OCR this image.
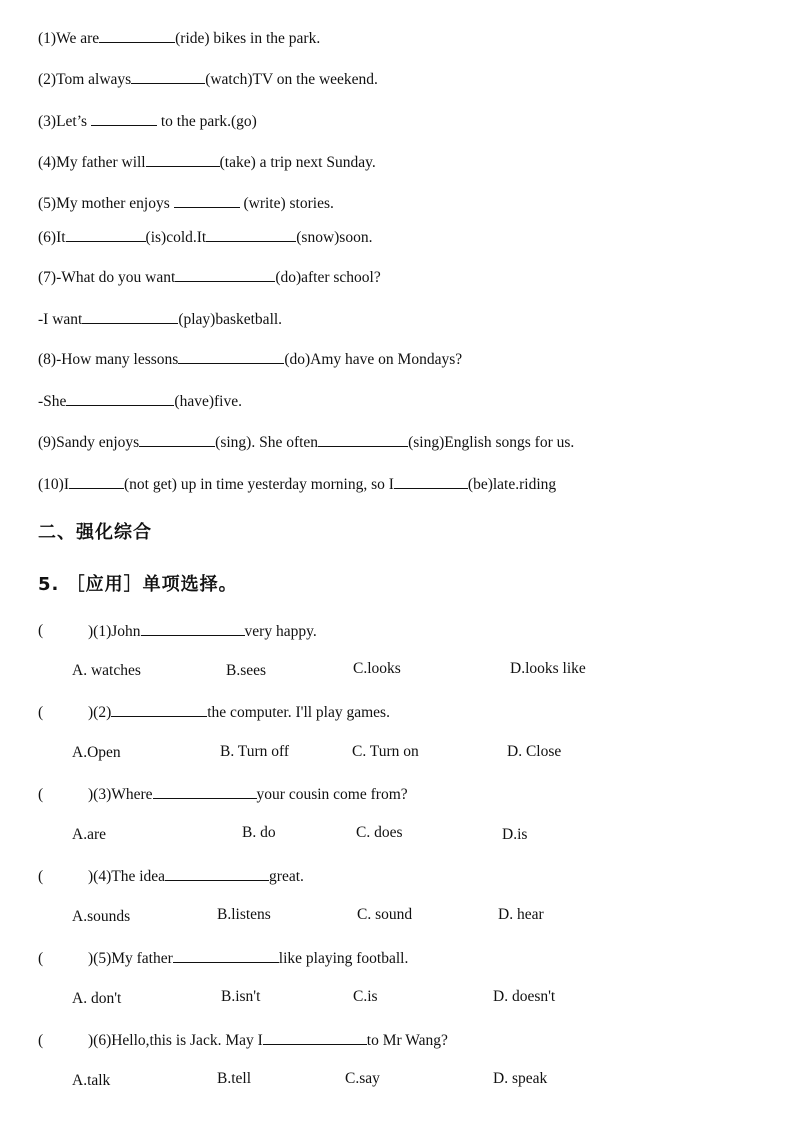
(1)We are	(ride) bikes in the park.
(2)Tom always	(watch)TV on the weekend.
(3)Let’s	to the park.(go)
(4)My father will	(take) a trip next Sunday.
(5)My mother enjoys	(write) stories.
(6)It	(is)cold.It	(snow)soon.
(7)-What do you want	(do)after school?
-I want	(play)basketball.
(8)-How many lessons	(do)Amy have on Mondays?
-She	(have)five.
(9)Sandy enjoys	(sing). She often	(sing)English songs for us.
(10)I	(not get) up in time yesterday morning, so I	(be)late.riding
二、强化综合
5. ［应用］单项选择。
(	)(1)John	very happy.
A. watches	B.sees	C.looks	D.looks like
(	)(2)	the computer. I'll play games.
A.Open	B. Turn off	C. Turn on	D. Close
(	)(3)Where	your cousin come from?
A.are	B. do	C. does	D.is
(	)(4)The idea	great.
A.sounds	B.listens	C. sound	D. hear
(	)(5)My father	like playing football.
A. don't	B.isn't	C.is	D. doesn't
(	)(6)Hello,this is Jack. May I	to Mr Wang?
A.talk	B.tell	C.say	D. speak
